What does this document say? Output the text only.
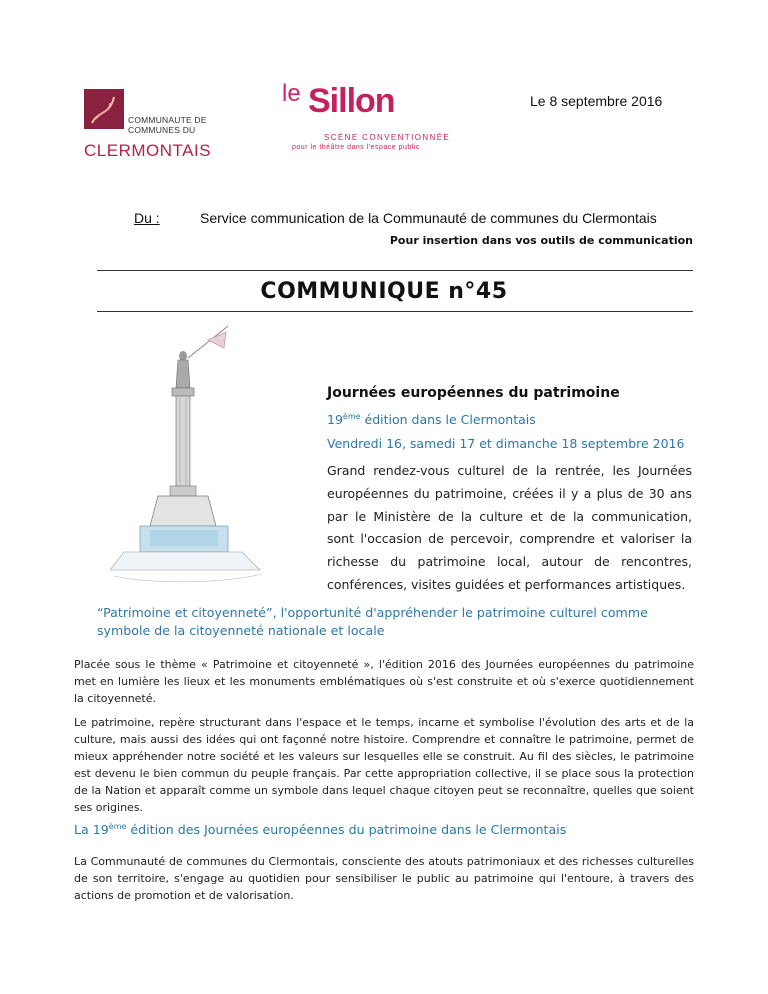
COMMUNAUTE DE
COMMUNES DU
CLERMONTAIS
le Sillon
SCÈNE CONVENTIONNÉE
pour le théâtre dans l'espace public
Le 8 septembre 2016
Du :	Service communication de la Communauté de communes du Clermontais
Pour insertion dans vos outils de communication
COMMUNIQUE n°45
Journées européennes du patrimoine
19ème édition dans le Clermontais
Vendredi 16, samedi 17 et dimanche 18 septembre 2016
Grand rendez-vous culturel de la rentrée, les Journées européennes du patrimoine, créées il y a plus de 30 ans par le Ministère de la culture et de la communication, sont l'occasion de percevoir, comprendre et valoriser la richesse du patrimoine local, autour de rencontres, conférences, visites guidées et performances artistiques.
“Patrimoine et citoyenneté”, l'opportunité d'appréhender le patrimoine culturel comme symbole de la citoyenneté nationale et locale
Placée sous le thème « Patrimoine et citoyenneté », l'édition 2016 des Journées européennes du patrimoine met en lumière les lieux et les monuments emblématiques où s'est construite et où s'exerce quotidiennement la citoyenneté.
Le patrimoine, repère structurant dans l'espace et le temps, incarne et symbolise l'évolution des arts et de la culture, mais aussi des idées qui ont façonné notre histoire. Comprendre et connaître le patrimoine, permet de mieux appréhender notre société et les valeurs sur lesquelles elle se construit. Au fil des siècles, le patrimoine est devenu le bien commun du peuple français. Par cette appropriation collective, il se place sous la protection de la Nation et apparaît comme un symbole dans lequel chaque citoyen peut se reconnaître, quelles que soient ses origines.
La 19ème édition des Journées européennes du patrimoine dans le Clermontais
La Communauté de communes du Clermontais, consciente des atouts patrimoniaux et des richesses culturelles de son territoire, s'engage au quotidien pour sensibiliser le public au patrimoine qui l'entoure, à travers des actions de promotion et de valorisation.
